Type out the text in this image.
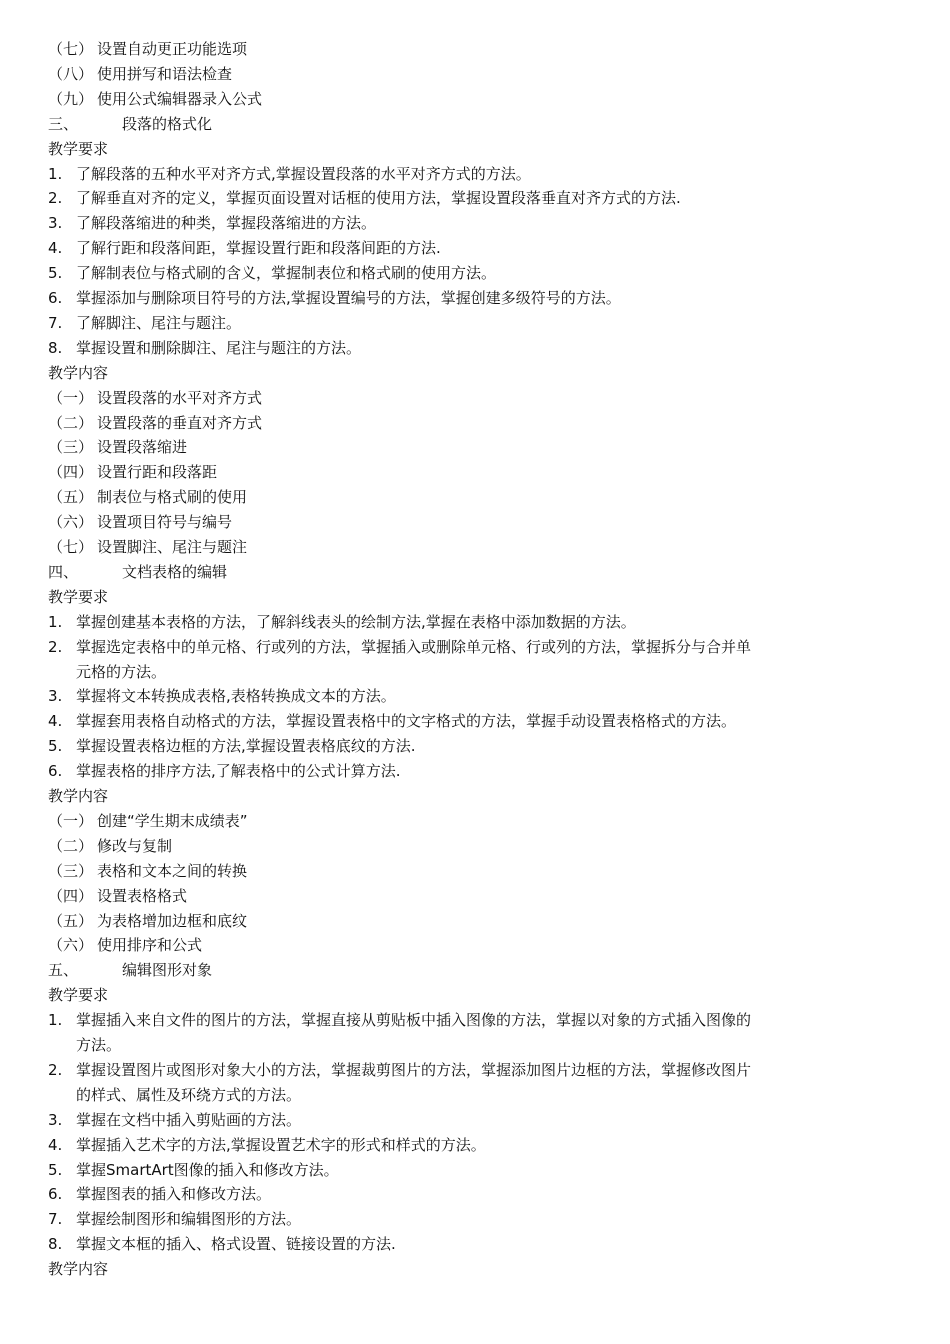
（七） 设置自动更正功能选项
（八） 使用拼写和语法检查
（九） 使用公式编辑器录入公式
三、	段落的格式化
教学要求
1. 了解段落的五种水平对齐方式,掌握设置段落的水平对齐方式的方法。
2. 了解垂直对齐的定义，掌握页面设置对话框的使用方法，掌握设置段落垂直对齐方式的方法.
3. 了解段落缩进的种类，掌握段落缩进的方法。
4. 了解行距和段落间距，掌握设置行距和段落间距的方法.
5. 了解制表位与格式刷的含义，掌握制表位和格式刷的使用方法。
6. 掌握添加与删除项目符号的方法,掌握设置编号的方法，掌握创建多级符号的方法。
7. 了解脚注、尾注与题注。
8. 掌握设置和删除脚注、尾注与题注的方法。
教学内容
（一） 设置段落的水平对齐方式
（二） 设置段落的垂直对齐方式
（三） 设置段落缩进
（四） 设置行距和段落距
（五） 制表位与格式刷的使用
（六） 设置项目符号与编号
（七） 设置脚注、尾注与题注
四、	文档表格的编辑
教学要求
1. 掌握创建基本表格的方法，了解斜线表头的绘制方法,掌握在表格中添加数据的方法。
2. 掌握选定表格中的单元格、行或列的方法，掌握插入或删除单元格、行或列的方法，掌握拆分与合并单
元格的方法。
3. 掌握将文本转换成表格,表格转换成文本的方法。
4. 掌握套用表格自动格式的方法，掌握设置表格中的文字格式的方法，掌握手动设置表格格式的方法。
5. 掌握设置表格边框的方法,掌握设置表格底纹的方法.
6. 掌握表格的排序方法,了解表格中的公式计算方法.
教学内容
（一） 创建“学生期末成绩表”
（二） 修改与复制
（三） 表格和文本之间的转换
（四） 设置表格格式
（五） 为表格增加边框和底纹
（六） 使用排序和公式
五、	编辑图形对象
教学要求
1. 掌握插入来自文件的图片的方法，掌握直接从剪贴板中插入图像的方法，掌握以对象的方式插入图像的
方法。
2. 掌握设置图片或图形对象大小的方法，掌握裁剪图片的方法，掌握添加图片边框的方法，掌握修改图片
的样式、属性及环绕方式的方法。
3. 掌握在文档中插入剪贴画的方法。
4. 掌握插入艺术字的方法,掌握设置艺术字的形式和样式的方法。
5. 掌握SmartArt图像的插入和修改方法。
6. 掌握图表的插入和修改方法。
7. 掌握绘制图形和编辑图形的方法。
8. 掌握文本框的插入、格式设置、链接设置的方法.
教学内容
